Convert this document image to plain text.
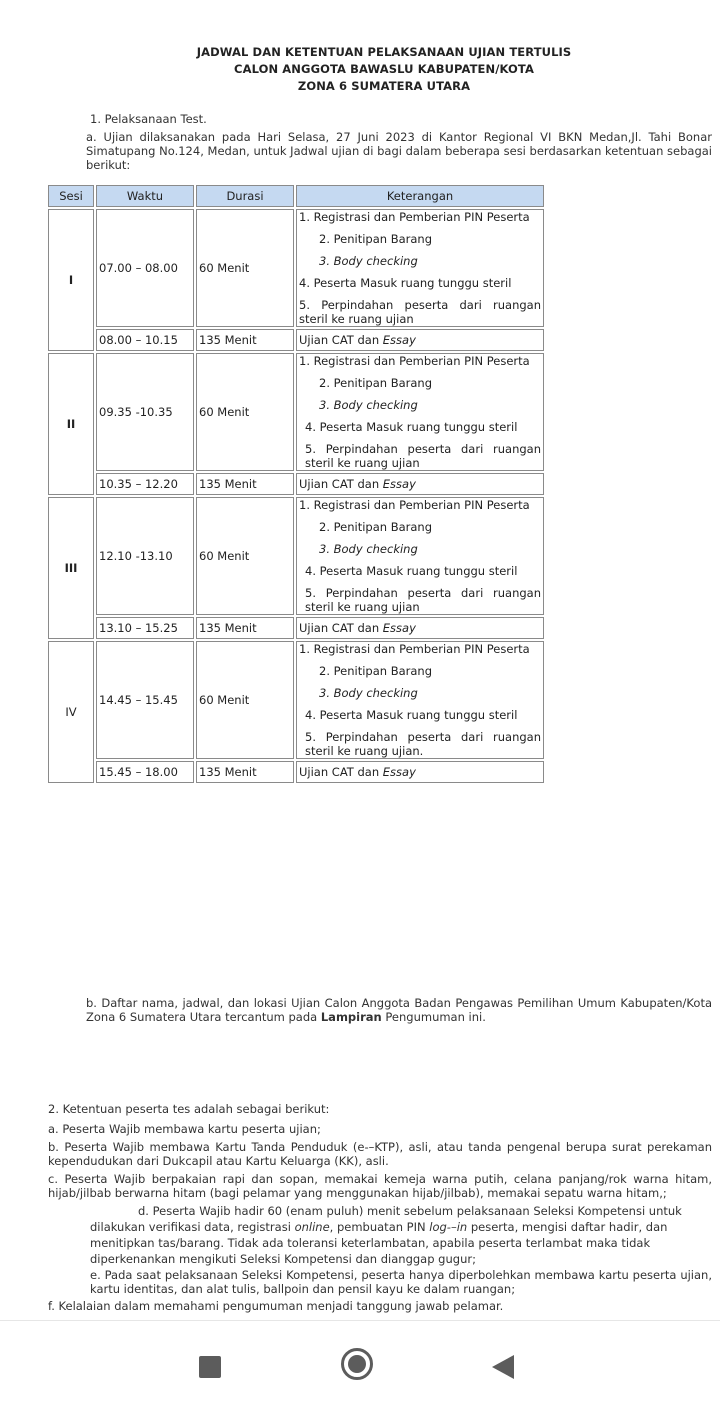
JADWAL DAN KETENTUAN PELAKSANAAN UJIAN TERTULIS
CALON ANGGOTA BAWASLU KABUPATEN/KOTA
ZONA 6 SUMATERA UTARA
1. Pelaksanaan Test.
a. Ujian dilaksanakan pada Hari Selasa, 27 Juni 2023 di Kantor Regional VI BKN Medan,Jl. Tahi Bonar Simatupang No.124, Medan, untuk Jadwal ujian di bagi dalam beberapa sesi berdasarkan ketentuan sebagai berikut:
Sesi	Waktu	Durasi	Keterangan
I	07.00 – 08.00	60 Menit	1. Registrasi dan Pemberian PIN Peserta

2. Penitipan Barang

3. Body checking

4. Peserta Masuk ruang tunggu steril

5. Perpindahan peserta dari ruangan steril ke ruang ujian

	08.00 – 10.15	135 Menit	Ujian CAT dan Essay
II	09.35 -10.35	60 Menit	1. Registrasi dan Pemberian PIN Peserta

2. Penitipan Barang

3. Body checking

4. Peserta Masuk ruang tunggu steril

5. Perpindahan peserta dari ruangan steril ke ruang ujian

	10.35 – 12.20	135 Menit	Ujian CAT dan Essay
III	12.10 -13.10	60 Menit	1. Registrasi dan Pemberian PIN Peserta

2. Penitipan Barang

3. Body checking

4. Peserta Masuk ruang tunggu steril

5. Perpindahan peserta dari ruangan steril ke ruang ujian

	13.10 – 15.25	135 Menit	Ujian CAT dan Essay
IV	14.45 – 15.45	60 Menit	1. Registrasi dan Pemberian PIN Peserta

2. Penitipan Barang

3. Body checking

4. Peserta Masuk ruang tunggu steril

5. Perpindahan peserta dari ruangan steril ke ruang ujian.

	15.45 – 18.00	135 Menit	Ujian CAT dan Essay
b. Daftar nama, jadwal, dan lokasi Ujian Calon Anggota Badan Pengawas Pemilihan Umum Kabupaten/Kota Zona 6 Sumatera Utara tercantum pada Lampiran Pengumuman ini.
2. Ketentuan peserta tes adalah sebagai berikut:
a. Peserta Wajib membawa kartu peserta ujian;
b. Peserta Wajib membawa Kartu Tanda Penduduk (e-–KTP), asli, atau tanda pengenal berupa surat perekaman kependudukan dari Dukcapil atau Kartu Keluarga (KK), asli.
c. Peserta Wajib berpakaian rapi dan sopan, memakai kemeja warna putih, celana panjang/rok warna hitam, hijab/jilbab berwarna hitam (bagi pelamar yang menggunakan hijab/jilbab), memakai sepatu warna hitam,;
d. Peserta Wajib hadir 60 (enam puluh) menit sebelum pelaksanaan Seleksi Kompetensi untuk
dilakukan verifikasi data, registrasi online, pembuatan PIN log-–in peserta, mengisi daftar hadir, dan
menitipkan tas/barang. Tidak ada toleransi keterlambatan, apabila peserta terlambat maka tidak
diperkenankan mengikuti Seleksi Kompetensi dan dianggap gugur;
e. Pada saat pelaksanaan Seleksi Kompetensi, peserta hanya diperbolehkan membawa kartu peserta ujian, kartu identitas, dan alat tulis, ballpoin dan pensil kayu ke dalam ruangan;
f. Kelalaian dalam memahami pengumuman menjadi tanggung jawab pelamar.
